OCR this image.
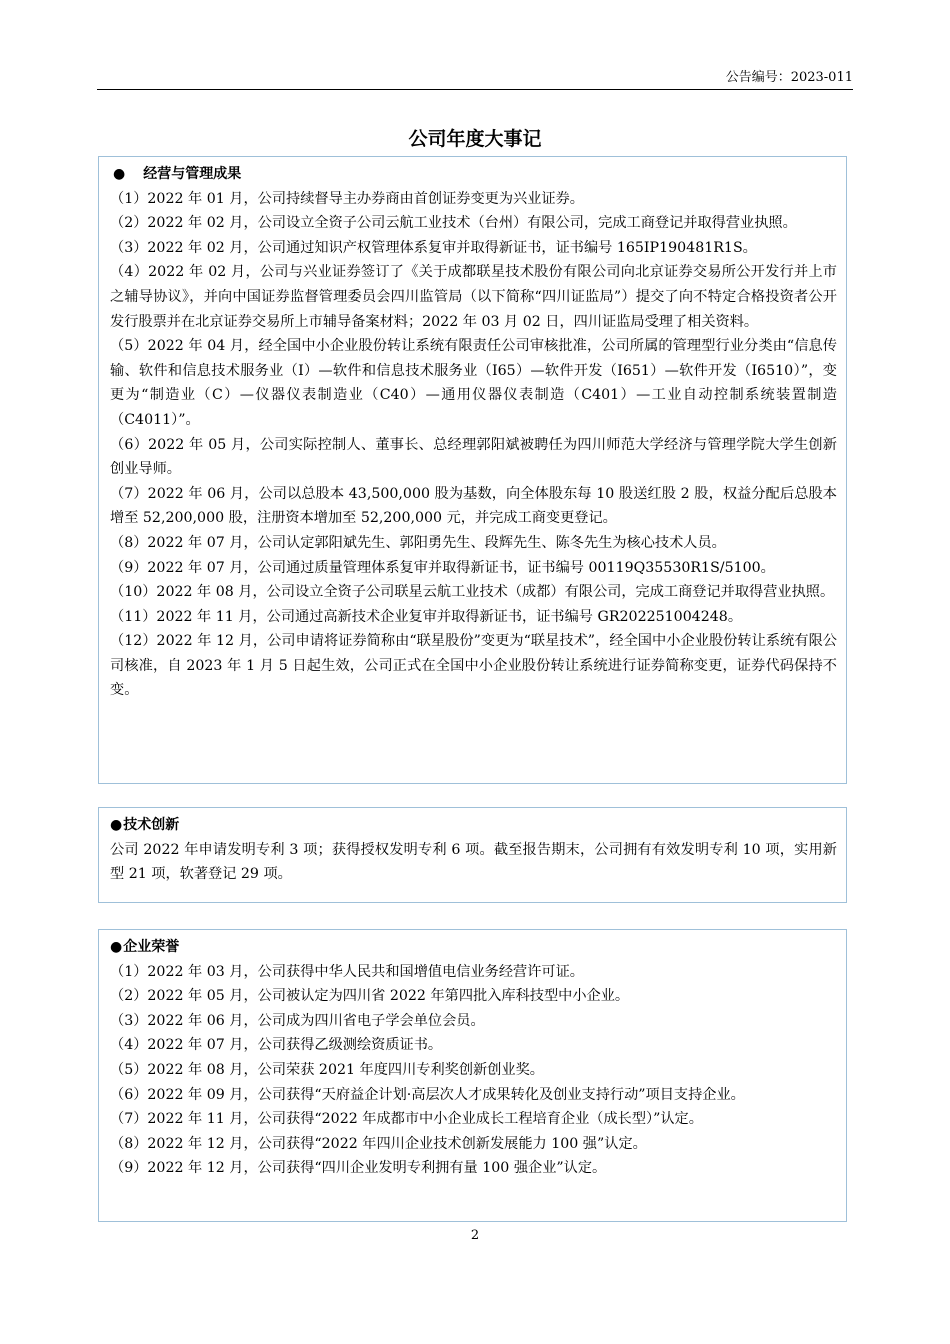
公告编号：2023-011
公司年度大事记
● 经营与管理成果

（1）2022 年 01 月，公司持续督导主办券商由首创证券变更为兴业证券。

（2）2022 年 02 月，公司设立全资子公司云航工业技术（台州）有限公司，完成工商登记并取得营业执照。

（3）2022 年 02 月，公司通过知识产权管理体系复审并取得新证书，证书编号 165IP190481R1S。

（4）2022 年 02 月，公司与兴业证券签订了《关于成都联星技术股份有限公司向北京证券交易所公开发行并上市之辅导协议》，并向中国证券监督管理委员会四川监管局（以下简称“四川证监局”）提交了向不特定合格投资者公开发行股票并在北京证券交易所上市辅导备案材料；2022 年 03 月 02 日，四川证监局受理了相关资料。

（5）2022 年 04 月，经全国中小企业股份转让系统有限责任公司审核批准，公司所属的管理型行业分类由“信息传输、软件和信息技术服务业（I）—软件和信息技术服务业（I65）—软件开发（I651）—软件开发（I6510）”，变更为“制造业（C）—仪器仪表制造业（C40）—通用仪器仪表制造（C401）—工业自动控制系统装置制造（C4011）”。

（6）2022 年 05 月，公司实际控制人、董事长、总经理郭阳斌被聘任为四川师范大学经济与管理学院大学生创新创业导师。

（7）2022 年 06 月，公司以总股本 43,500,000 股为基数，向全体股东每 10 股送红股 2 股，权益分配后总股本增至 52,200,000 股，注册资本增加至 52,200,000 元，并完成工商变更登记。

（8）2022 年 07 月，公司认定郭阳斌先生、郭阳勇先生、段辉先生、陈冬先生为核心技术人员。

（9）2022 年 07 月，公司通过质量管理体系复审并取得新证书，证书编号 00119Q35530R1S/5100。

（10）2022 年 08 月，公司设立全资子公司联星云航工业技术（成都）有限公司，完成工商登记并取得营业执照。

（11）2022 年 11 月，公司通过高新技术企业复审并取得新证书，证书编号 GR202251004248。

（12）2022 年 12 月，公司申请将证券简称由“联星股份”变更为“联星技术”，经全国中小企业股份转让系统有限公司核准，自 2023 年 1 月 5 日起生效，公司正式在全国中小企业股份转让系统进行证券简称变更，证券代码保持不变。

●技术创新

公司 2022 年申请发明专利 3 项；获得授权发明专利 6 项。截至报告期末，公司拥有有效发明专利 10 项，实用新型 21 项，软著登记 29 项。

●企业荣誉

（1）2022 年 03 月，公司获得中华人民共和国增值电信业务经营许可证。

（2）2022 年 05 月，公司被认定为四川省 2022 年第四批入库科技型中小企业。

（3）2022 年 06 月，公司成为四川省电子学会单位会员。

（4）2022 年 07 月，公司获得乙级测绘资质证书。

（5）2022 年 08 月，公司荣获 2021 年度四川专利奖创新创业奖。

（6）2022 年 09 月，公司获得“天府益企计划·高层次人才成果转化及创业支持行动”项目支持企业。

（7）2022 年 11 月，公司获得“2022 年成都市中小企业成长工程培育企业（成长型）”认定。

（8）2022 年 12 月，公司获得“2022 年四川企业技术创新发展能力 100 强”认定。

（9）2022 年 12 月，公司获得“四川企业发明专利拥有量 100 强企业”认定。

2
